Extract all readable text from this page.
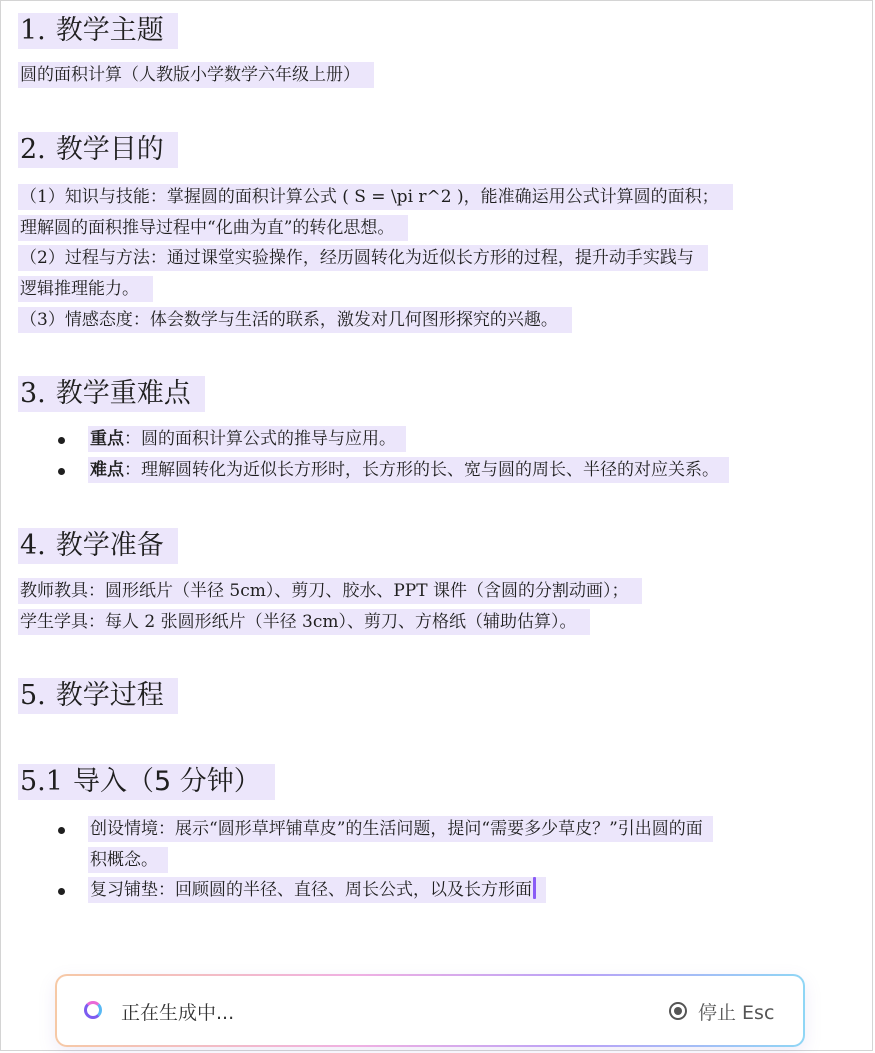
1. 教学主题
圆的面积计算（人教版小学数学六年级上册）
2. 教学目的
（1）知识与技能：掌握圆的面积计算公式 ( S = \pi r^2 )，能准确运用公式计算圆的面积；
理解圆的面积推导过程中“化曲为直”的转化思想。
（2）过程与方法：通过课堂实验操作，经历圆转化为近似长方形的过程，提升动手实践与
逻辑推理能力。
（3）情感态度：体会数学与生活的联系，激发对几何图形探究的兴趣。
3. 教学重难点
重点：圆的面积计算公式的推导与应用。
难点：理解圆转化为近似长方形时，长方形的长、宽与圆的周长、半径的对应关系。
4. 教学准备
教师教具：圆形纸片（半径 5cm）、剪刀、胶水、PPT 课件（含圆的分割动画）；
学生学具：每人 2 张圆形纸片（半径 3cm）、剪刀、方格纸（辅助估算）。
5. 教学过程
5.1 导入（5 分钟）
创设情境：展示“圆形草坪铺草皮”的生活问题，提问“需要多少草皮？”引出圆的面
积概念。
复习铺垫：回顾圆的半径、直径、周长公式，以及长方形面
正在生成中...	停止 Esc
